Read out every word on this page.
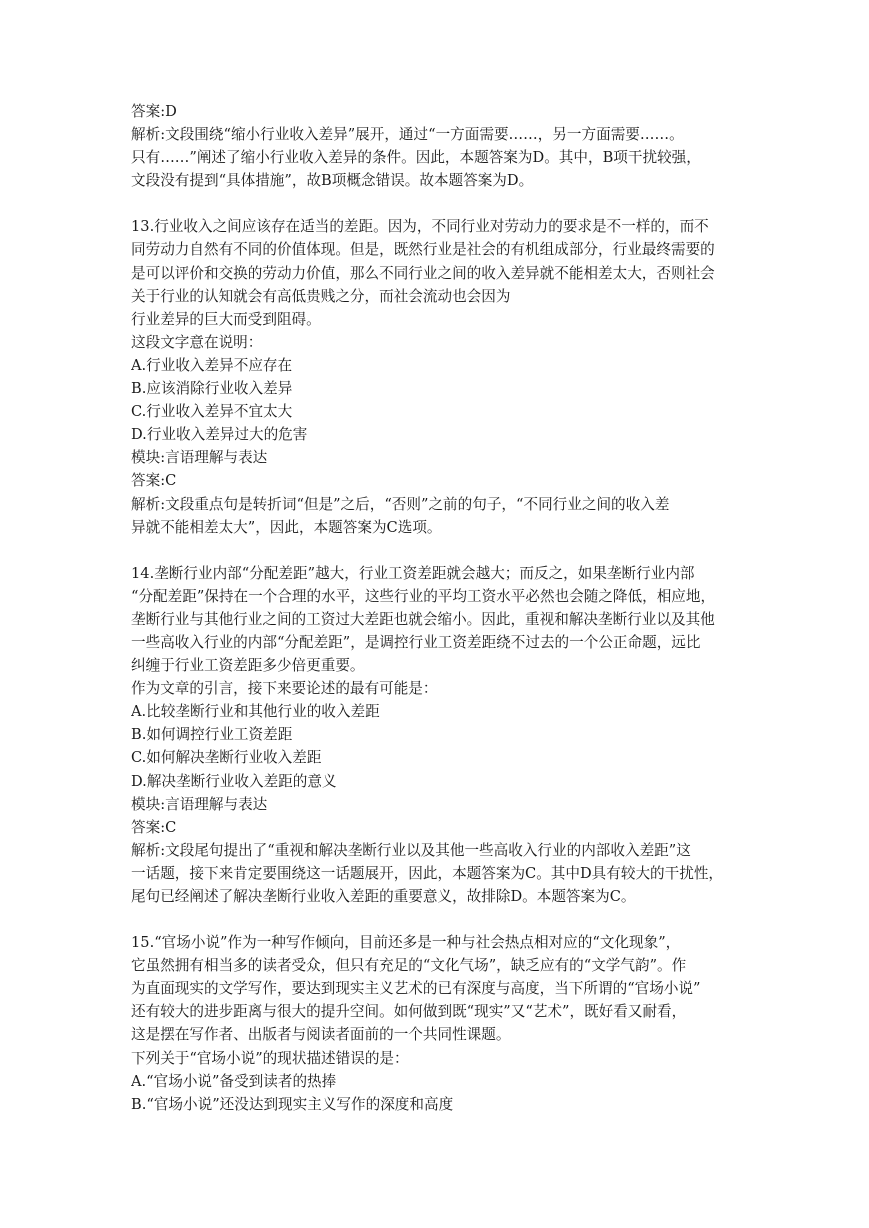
答案:D
解析:文段围绕“缩小行业收入差异”展开，通过“一方面需要……，另一方面需要……。
只有……”阐述了缩小行业收入差异的条件。因此，本题答案为D。其中，B项干扰较强，
文段没有提到“具体措施”，故B项概念错误。故本题答案为D。
13.行业收入之间应该存在适当的差距。因为，不同行业对劳动力的要求是不一样的，而不
同劳动力自然有不同的价值体现。但是，既然行业是社会的有机组成部分，行业最终需要的
是可以评价和交换的劳动力价值，那么不同行业之间的收入差异就不能相差太大，否则社会
关于行业的认知就会有高低贵贱之分，而社会流动也会因为
行业差异的巨大而受到阻碍。
这段文字意在说明：
A.行业收入差异不应存在
B.应该消除行业收入差异
C.行业收入差异不宜太大
D.行业收入差异过大的危害
模块:言语理解与表达
答案:C
解析:文段重点句是转折词“但是”之后，“否则”之前的句子，“不同行业之间的收入差
异就不能相差太大”，因此，本题答案为C选项。
14.垄断行业内部“分配差距”越大，行业工资差距就会越大；而反之，如果垄断行业内部
“分配差距”保持在一个合理的水平，这些行业的平均工资水平必然也会随之降低，相应地，
垄断行业与其他行业之间的工资过大差距也就会缩小。因此，重视和解决垄断行业以及其他
一些高收入行业的内部“分配差距”，是调控行业工资差距绕不过去的一个公正命题，远比
纠缠于行业工资差距多少倍更重要。
作为文章的引言，接下来要论述的最有可能是：
A.比较垄断行业和其他行业的收入差距
B.如何调控行业工资差距
C.如何解决垄断行业收入差距
D.解决垄断行业收入差距的意义
模块:言语理解与表达
答案:C
解析:文段尾句提出了“重视和解决垄断行业以及其他一些高收入行业的内部收入差距”这
一话题，接下来肯定要围绕这一话题展开，因此，本题答案为C。其中D具有较大的干扰性，
尾句已经阐述了解决垄断行业收入差距的重要意义，故排除D。本题答案为C。
15.“官场小说”作为一种写作倾向，目前还多是一种与社会热点相对应的“文化现象”，
它虽然拥有相当多的读者受众，但只有充足的“文化气场”，缺乏应有的“文学气韵”。作
为直面现实的文学写作，要达到现实主义艺术的已有深度与高度，当下所谓的“官场小说”
还有较大的进步距离与很大的提升空间。如何做到既“现实”又“艺术”，既好看又耐看，
这是摆在写作者、出版者与阅读者面前的一个共同性课题。
下列关于“官场小说”的现状描述错误的是：
A.“官场小说”备受到读者的热捧
B.“官场小说”还没达到现实主义写作的深度和高度
